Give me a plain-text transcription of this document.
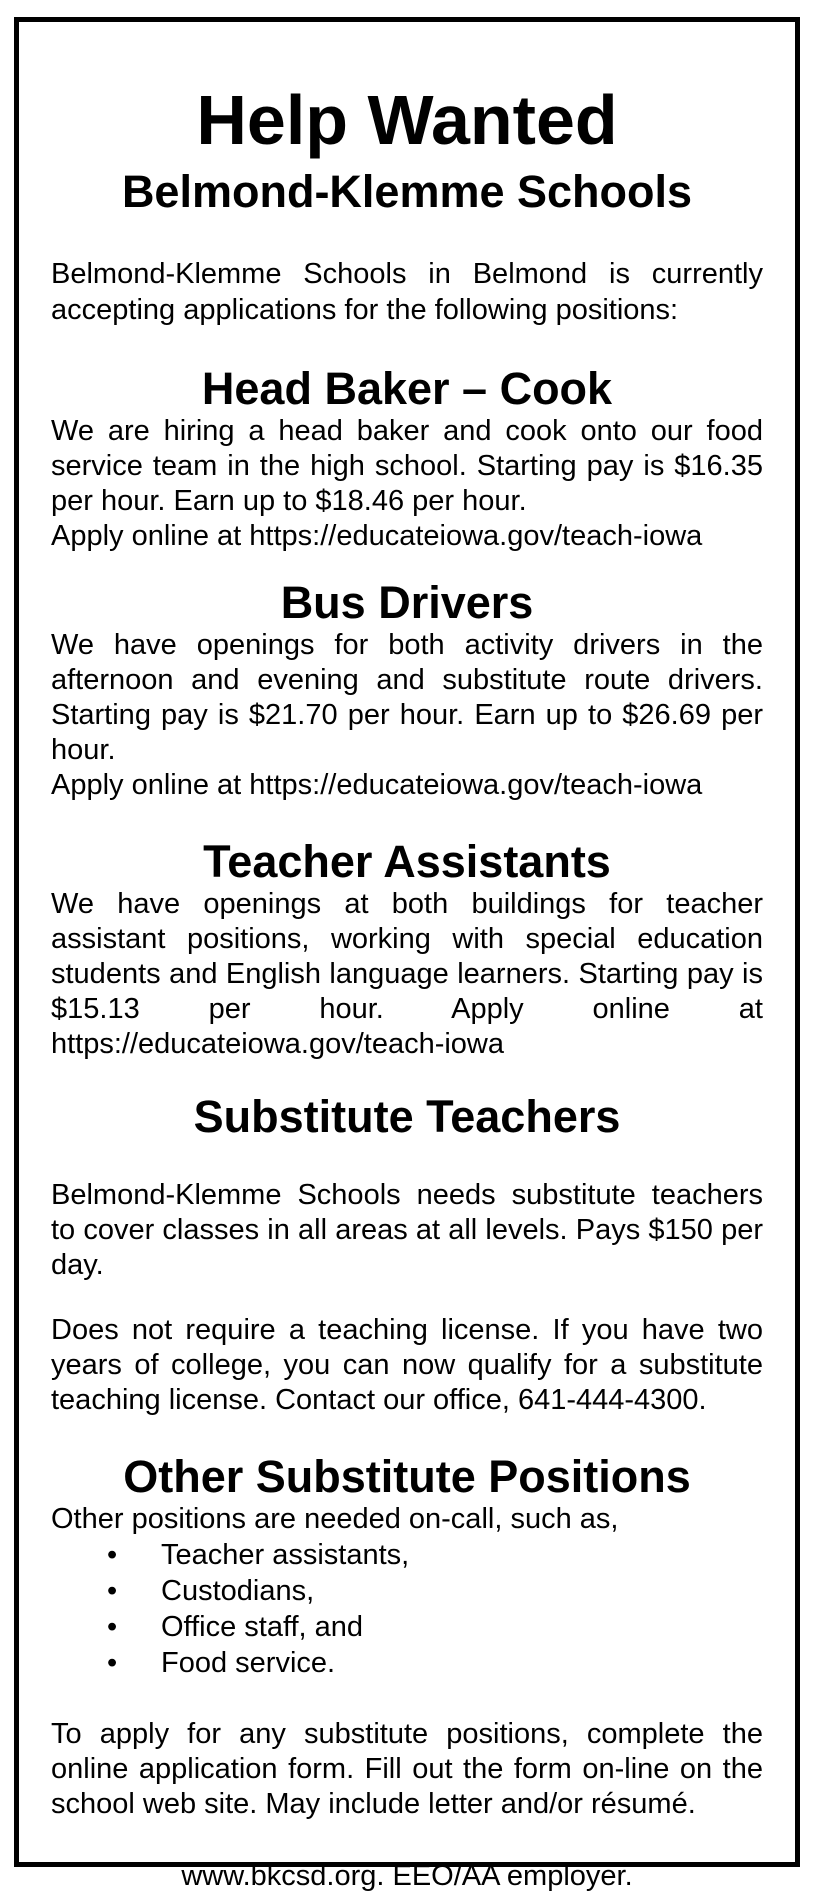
Help Wanted
Belmond-Klemme Schools

Belmond-Klemme Schools in Belmond is currently accepting applications for the following positions:

Head Baker – Cook

We are hiring a head baker and cook onto our food service team in the high school. Starting pay is $16.35 per hour. Earn up to $18.46 per hour.

Apply online at https://educateiowa.gov/teach-iowa

Bus Drivers

We have openings for both activity drivers in the afternoon and evening and substitute route drivers. Starting pay is $21.70 per hour. Earn up to $26.69 per hour.

Apply online at https://educateiowa.gov/teach-iowa

Teacher Assistants

We have openings at both buildings for teacher assistant positions, working with special education students and English language learners. Starting pay is $15.13 per hour. Apply online at https://educateiowa.gov/teach-iowa

Substitute Teachers

Belmond-Klemme Schools needs substitute teachers to cover classes in all areas at all levels. Pays $150 per day.

Does not require a teaching license. If you have two years of college, you can now qualify for a substitute teaching license. Contact our office, 641-444-4300.

Other Substitute Positions

Other positions are needed on-call, such as,

• Teacher assistants,
• Custodians,
• Office staff, and
• Food service.

To apply for any substitute positions, complete the online application form. Fill out the form on-line on the school web site. May include letter and/or résumé.

www.bkcsd.org. EEO/AA employer.
